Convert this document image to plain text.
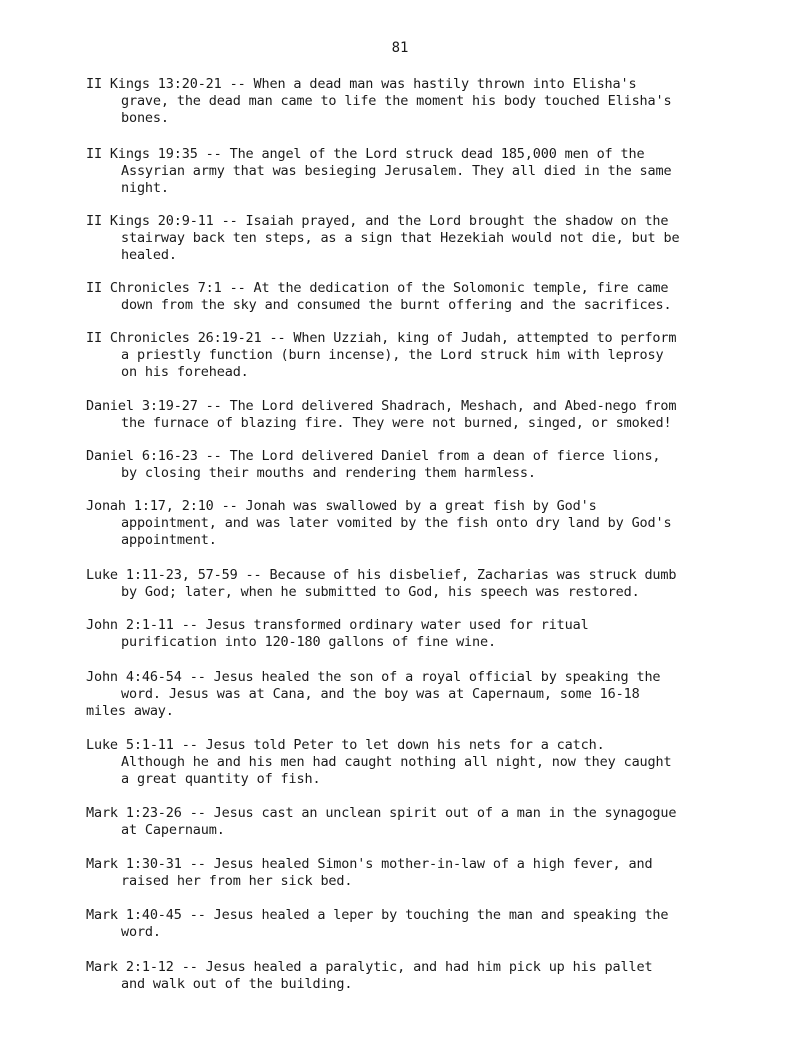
81
II Kings 13:20-21 -- When a dead man was hastily thrown into Elisha's
grave, the dead man came to life the moment his body touched Elisha's
bones.
II Kings 19:35 -- The angel of the Lord struck dead 185,000 men of the
Assyrian army that was besieging Jerusalem. They all died in the same
night.
II Kings 20:9-11 -- Isaiah prayed, and the Lord brought the shadow on the
stairway back ten steps, as a sign that Hezekiah would not die, but be
healed.
II Chronicles 7:1 -- At the dedication of the Solomonic temple, fire came
down from the sky and consumed the burnt offering and the sacrifices.
II Chronicles 26:19-21 -- When Uzziah, king of Judah, attempted to perform
a priestly function (burn incense), the Lord struck him with leprosy
on his forehead.
Daniel 3:19-27 -- The Lord delivered Shadrach, Meshach, and Abed-nego from
the furnace of blazing fire. They were not burned, singed, or smoked!
Daniel 6:16-23 -- The Lord delivered Daniel from a dean of fierce lions,
by closing their mouths and rendering them harmless.
Jonah 1:17, 2:10 -- Jonah was swallowed by a great fish by God's
appointment, and was later vomited by the fish onto dry land by God's
appointment.
Luke 1:11-23, 57-59 -- Because of his disbelief, Zacharias was struck dumb
by God; later, when he submitted to God, his speech was restored.
John 2:1-11 -- Jesus transformed ordinary water used for ritual
purification into 120-180 gallons of fine wine.
John 4:46-54 -- Jesus healed the son of a royal official by speaking the
word. Jesus was at Cana, and the boy was at Capernaum, some 16-18
miles away.
Luke 5:1-11 -- Jesus told Peter to let down his nets for a catch.
Although he and his men had caught nothing all night, now they caught
a great quantity of fish.
Mark 1:23-26 -- Jesus cast an unclean spirit out of a man in the synagogue
at Capernaum.
Mark 1:30-31 -- Jesus healed Simon's mother-in-law of a high fever, and
raised her from her sick bed.
Mark 1:40-45 -- Jesus healed a leper by touching the man and speaking the
word.
Mark 2:1-12 -- Jesus healed a paralytic, and had him pick up his pallet
and walk out of the building.
